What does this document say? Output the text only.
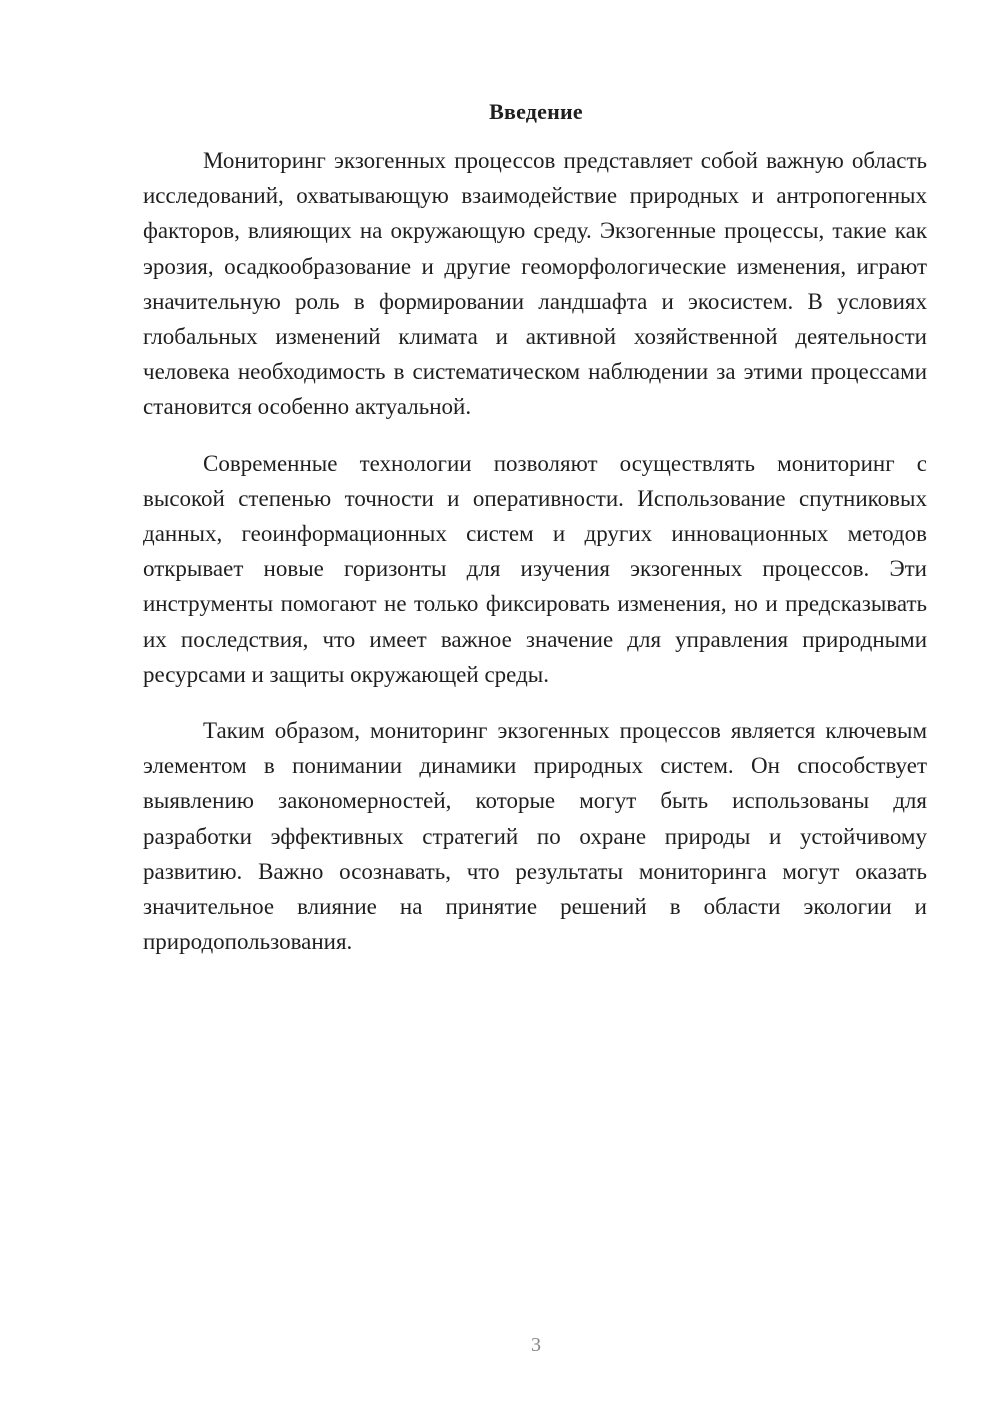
Введение

Мониторинг экзогенных процессов представляет собой важную область исследований, охватывающую взаимодействие природных и антропогенных факторов, влияющих на окружающую среду. Экзогенные процессы, такие как эрозия, осадкообразование и другие геоморфологические изменения, играют значительную роль в формировании ландшафта и экосистем. В условиях глобальных изменений климата и активной хозяйственной деятельности человека необходимость в систематическом наблюдении за этими процессами становится особенно актуальной.

Современные технологии позволяют осуществлять мониторинг с высокой степенью точности и оперативности. Использование спутниковых данных, геоинформационных систем и других инновационных методов открывает новые горизонты для изучения экзогенных процессов. Эти инструменты помогают не только фиксировать изменения, но и предсказывать их последствия, что имеет важное значение для управления природными ресурсами и защиты окружающей среды.

Таким образом, мониторинг экзогенных процессов является ключевым элементом в понимании динамики природных систем. Он способствует выявлению закономерностей, которые могут быть использованы для разработки эффективных стратегий по охране природы и устойчивому развитию. Важно осознавать, что результаты мониторинга могут оказать значительное влияние на принятие решений в области экологии и природопользования.

3
